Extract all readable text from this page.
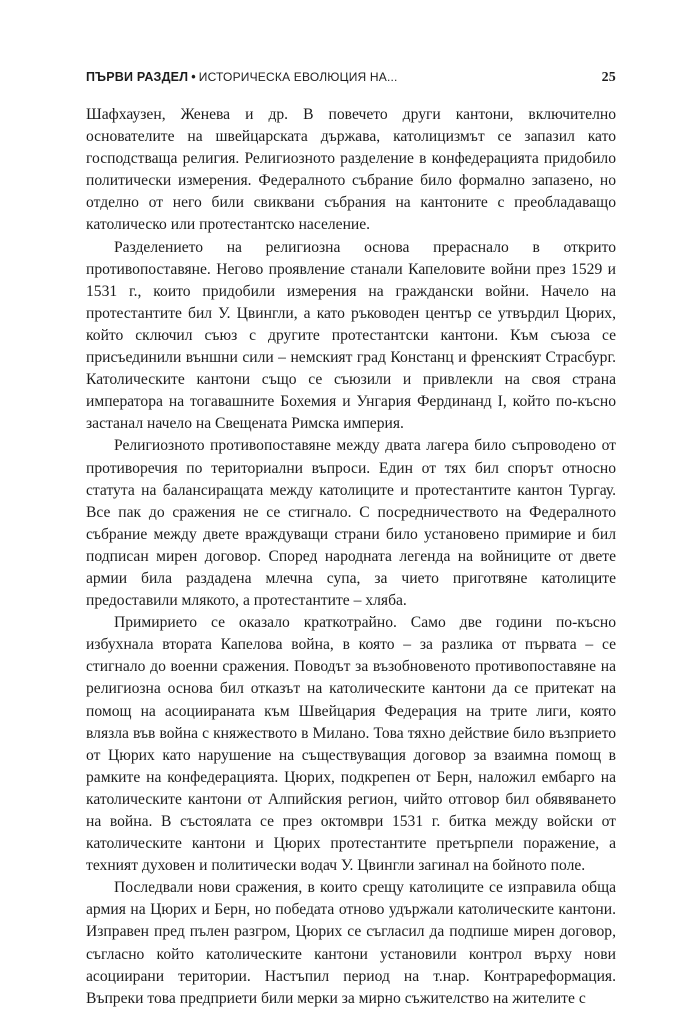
ПЪРВИ РАЗДЕЛ • ИСТОРИЧЕСКА ЕВОЛЮЦИЯ НА...	25

Шафхаузен, Женева и др. В повечето други кантони, включително основателите на швейцарската държава, католицизмът се запазил като господстваща религия. Религиозното разделение в конфедерацията придобило политически измерения. Федералното събрание било формално запазено, но отделно от него били свиквани събрания на кантоните с преобладаващо католическо или протестантско население.

Разделението на религиозна основа прераснало в открито противопоставяне. Негово проявление станали Капеловите войни през 1529 и 1531 г., които придобили измерения на граждански войни. Начело на протестантите бил У. Цвингли, а като ръководен център се утвърдил Цюрих, който сключил съюз с другите протестантски кантони. Към съюза се присъединили външни сили – немският град Констанц и френският Страсбург. Католическите кантони също се съюзили и привлекли на своя страна императора на тогавашните Бохемия и Унгария Фердинанд I, който по-късно застанал начело на Свещената Римска империя.

Религиозното противопоставяне между двата лагера било съпроводено от противоречия по териториални въпроси. Един от тях бил спорът относно статута на балансиращата между католиците и протестантите кантон Тургау. Все пак до сражения не се стигнало. С посредничеството на Федералното събрание между двете враждуващи страни било установено примирие и бил подписан мирен договор. Според народната легенда на войниците от двете армии била раздадена млечна супа, за чието приготвяне католиците предоставили млякото, а протестантите – хляба.

Примирието се оказало краткотрайно. Само две години по-късно избухнала втората Капелова война, в която – за разлика от първата – се стигнало до военни сражения. Поводът за възобновеното противопоставяне на религиозна основа бил отказът на католическите кантони да се притекат на помощ на асоциираната към Швейцария Федерация на трите лиги, която влязла във война с княжеството в Милано. Това тяхно действие било възприето от Цюрих като нарушение на съществуващия договор за взаимна помощ в рамките на конфедерацията. Цюрих, подкрепен от Берн, наложил ембарго на католическите кантони от Алпийския регион, чийто отговор бил обявяването на война. В състоялата се през октомври 1531 г. битка между войски от католическите кантони и Цюрих протестантите претърпели поражение, а техният духовен и политически водач У. Цвингли загинал на бойното поле.

Последвали нови сражения, в които срещу католиците се изправила обща армия на Цюрих и Берн, но победата отново удържали католическите кантони. Изправен пред пълен разгром, Цюрих се съгласил да подпише мирен договор, съгласно който католическите кантони установили контрол върху нови асоциирани територии. Настъпил период на т.нар. Контрареформация. Въпреки това предприети били мерки за мирно съжителство на жителите с
